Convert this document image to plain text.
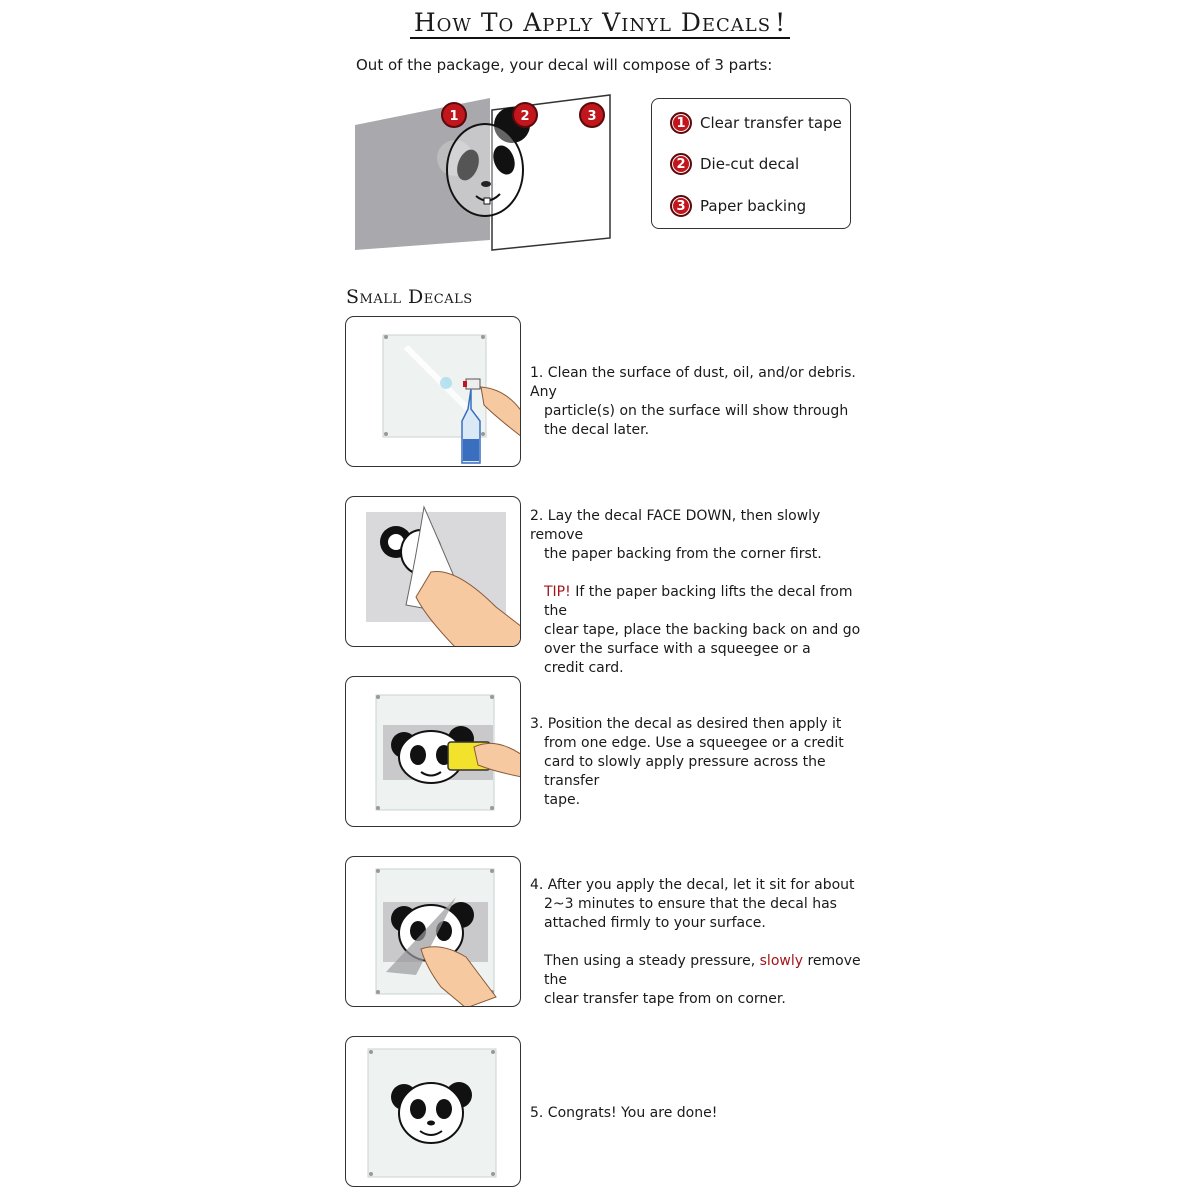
How To Apply Vinyl Decals !
Out of the package, your decal will compose of 3 parts:
1	2	3	1 Clear transfer tape
2 Die-cut decal
3 Paper backing
Small Decals

1. Clean the surface of dust, oil, and/or debris. Any

particle(s) on the surface will show through

the decal later.

2. Lay the decal FACE DOWN, then slowly remove

the paper backing from the corner first.

TIP! If the paper backing lifts the decal from the

clear tape, place the backing back on and go

over the surface with a squeegee or a

credit card.

3. Position the decal as desired then apply it

from one edge. Use a squeegee or a credit

card to slowly apply pressure across the transfer

tape.

4. After you apply the decal, let it sit for about

2~3 minutes to ensure that the decal has

attached firmly to your surface.

Then using a steady pressure, slowly remove the

clear transfer tape from on corner.

5. Congrats! You are done!
